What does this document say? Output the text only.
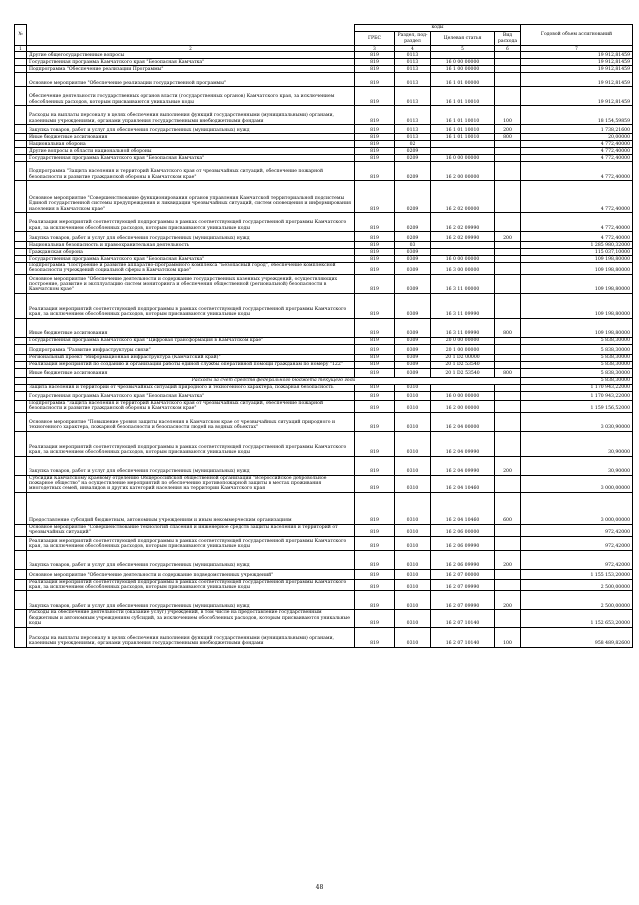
№		коды				Годовой объем ассигнований
		ГРБС	Раздел, под-раздел	Целевая статья	Вид расхода	
1	2	3	4	5	6	7
	Другие общегосударственные вопросы	819	0113			19 912,81459
	Государственная программа Камчатского края "Безопасная Камчатка"	819	0113	16 0 00 00000		19 912,81459
	Подпрограмма "Обеспечение реализации Программы"	819	0113	16 1 00 00000		19 912,81459
	Основное мероприятие "Обеспечение реализации государственной программы"	819	0113	16 1 01 00000		19 912,81459
	Обеспечение деятельности государственных органов власти (государственных органов) Камчатского края, за исключением обособленных расходов, которым присваиваются уникальные коды	819	0113	16 1 01 10010		19 912,81459
	Расходы на выплаты персоналу в целях обеспечения выполнения функций государственными (муниципальными) органами, казенными учреждениями, органами управления государственными внебюджетными фондами	819	0113	16 1 01 10010	100	18 154,59859
	Закупка товаров, работ и услуг для обеспечения государственных (муниципальных) нужд	819	0113	16 1 01 10010	200	1 738,21600
	Иные бюджетные ассигнования	819	0113	16 1 01 10010	800	20,00000
	Национальная оборона	819	02			4 772,40000
	Другие вопросы в области национальной обороны	819	0209			4 772,40000
	Государственная программа Камчатского края "Безопасная Камчатка"	819	0209	16 0 00 00000		4 772,40000
	Подпрограмма "Защита населения и территорий Камчатского края от чрезвычайных ситуаций, обеспечение пожарной безопасности и развитие гражданской обороны в Камчатском крае"	819	0209	16 2 00 00000		4 772,40000
	Основное мероприятие "Совершенствование функционирования органов управления Камчатской территориальной подсистемы Единой государственной системы предупреждения и ликвидации чрезвычайных ситуаций, систем оповещения и информирования населения в Камчатском крае"	819	0209	16 2 02 00000		4 772,40000
	Реализация мероприятий соответствующей подпрограммы в рамках соответствующей государственной программы Камчатского края, за исключением обособленных расходов, которым присваиваются уникальные коды	819	0209	16 2 02 09990		4 772,40000
	Закупка товаров, работ и услуг для обеспечения государственных (муниципальных) нужд	819	0209	16 2 02 09990	200	4 772,40000
	Национальная безопасность и правоохранительная деятельность	819	03			1 285 980,32000
	Гражданская оборона	819	0309			115 037,10000
	Государственная программа Камчатского края "Безопасная Камчатка"	819	0309	16 0 00 00000		109 198,80000
	Подпрограмма "Построение и развитие аппаратно-программного комплекса "Безопасный город", обеспечение комплексной безопасности учреждений социальной сферы в Камчатском крае"	819	0309	16 3 00 00000		109 198,80000
	Основное мероприятие "Обеспечение деятельности и содержание государственных казенных учреждений, осуществляющих построение, развитие и эксплуатацию систем мониторинга и обеспечения общественной (региональной) безопасности в Камчатском крае"	819	0309	16 3 11 00000		109 198,80000
	Реализация мероприятий соответствующей подпрограммы в рамках соответствующей государственной программы Камчатского края, за исключением обособленных расходов, которым присваиваются уникальные коды	819	0309	16 3 11 09990		109 198,80000
	Иные бюджетные ассигнования	819	0309	16 3 11 09990	800	109 198,80000
	Государственная программа Камчатского края "Цифровая трансформация в Камчатском крае"	819	0309	20 0 00 00000		5 838,30000
	Подпрограмма "Развитие инфраструктуры связи"	819	0309	20 1 00 00000		5 838,30000
	Региональный проект "Информационная инфраструктура (Камчатский край)"	819	0309	20 1 D2 00000		5 838,30000
	Реализация мероприятий по созданию и организации работы единой службы оперативной помощи гражданам по номеру "122"	819	0309	20 1 D2 53540		5 838,30000
	Иные бюджетные ассигнования	819	0309	20 1 D2 53540	800	5 838,30000
	Расходы за счет средств федерального бюджета текущего года					5 838,30000
	Защита населения и территории от чрезвычайных ситуаций природного и техногенного характера, пожарная безопасность	819	0310			1 170 943,22000
	Государственная программа Камчатского края "Безопасная Камчатка"	819	0310	16 0 00 00000		1 170 943,22000
	Подпрограмма "Защита населения и территорий Камчатского края от чрезвычайных ситуаций, обеспечение пожарной безопасности и развитие гражданской обороны в Камчатском крае"	819	0310	16 2 00 00000		1 159 156,52000
	Основное мероприятие "Повышение уровня защиты населения в Камчатском крае от чрезвычайных ситуаций природного и техногенного характера, пожарной безопасности и безопасности людей на водных объектах"	819	0310	16 2 04 00000		3 030,90000
	Реализация мероприятий соответствующей подпрограммы в рамках соответствующей государственной программы Камчатского края, за исключением обособленных расходов, которым присваиваются уникальные коды	819	0310	16 2 04 09990		30,90000
	Закупка товаров, работ и услуг для обеспечения государственных (муниципальных) нужд	819	0310	16 2 04 09990	200	30,90000
	Субсидии Камчатскому краевому отделению Общероссийской общественной организации "Всероссийское добровольное пожарное общество" на осуществление мероприятий по обеспечению противопожарной защиты в местах проживания многодетных семей, инвалидов и других категорий населения на территории Камчатского края	819	0310	16 2 04 10460		3 000,00000
	Предоставление субсидий бюджетным, автономным учреждениям и иным некоммерческим организациям	819	0310	16 2 04 10460	600	3 000,00000
	Основное мероприятие "Совершенствование технологий спасения и инженерное средств защиты населения и территорий от чрезвычайных ситуаций"	819	0310	16 2 06 00000		972,42000
	Реализация мероприятий соответствующей подпрограммы в рамках соответствующей государственной программы Камчатского края, за исключением обособленных расходов, которым присваиваются уникальные коды	819	0310	16 2 06 09990		972,42000
	Закупка товаров, работ и услуг для обеспечения государственных (муниципальных) нужд	819	0310	16 2 06 09990	200	972,42000
	Основное мероприятие "Обеспечение деятельности и содержание подведомственных учреждений"	819	0310	16 2 07 00000		1 155 153,20000
	Реализация мероприятий соответствующей подпрограммы в рамках соответствующей государственной программы Камчатского края, за исключением обособленных расходов, которым присваиваются уникальные коды	819	0310	16 2 07 09990		2 500,00000
	Закупка товаров, работ и услуг для обеспечения государственных (муниципальных) нужд	819	0310	16 2 07 09990	200	2 500,00000
	Расходы на обеспечение деятельности (оказание услуг) учреждений, в том числе на предоставление государственным бюджетным и автономным учреждениям субсидий, за исключением обособленных расходов, которым присваиваются уникальные коды	819	0310	16 2 07 10140		1 152 653,20000
	Расходы на выплаты персоналу в целях обеспечения выполнения функций государственными (муниципальными) органами, казенными учреждениями, органами управления государственными внебюджетными фондами	819	0310	16 2 07 10140	100	958 489,82600
48
